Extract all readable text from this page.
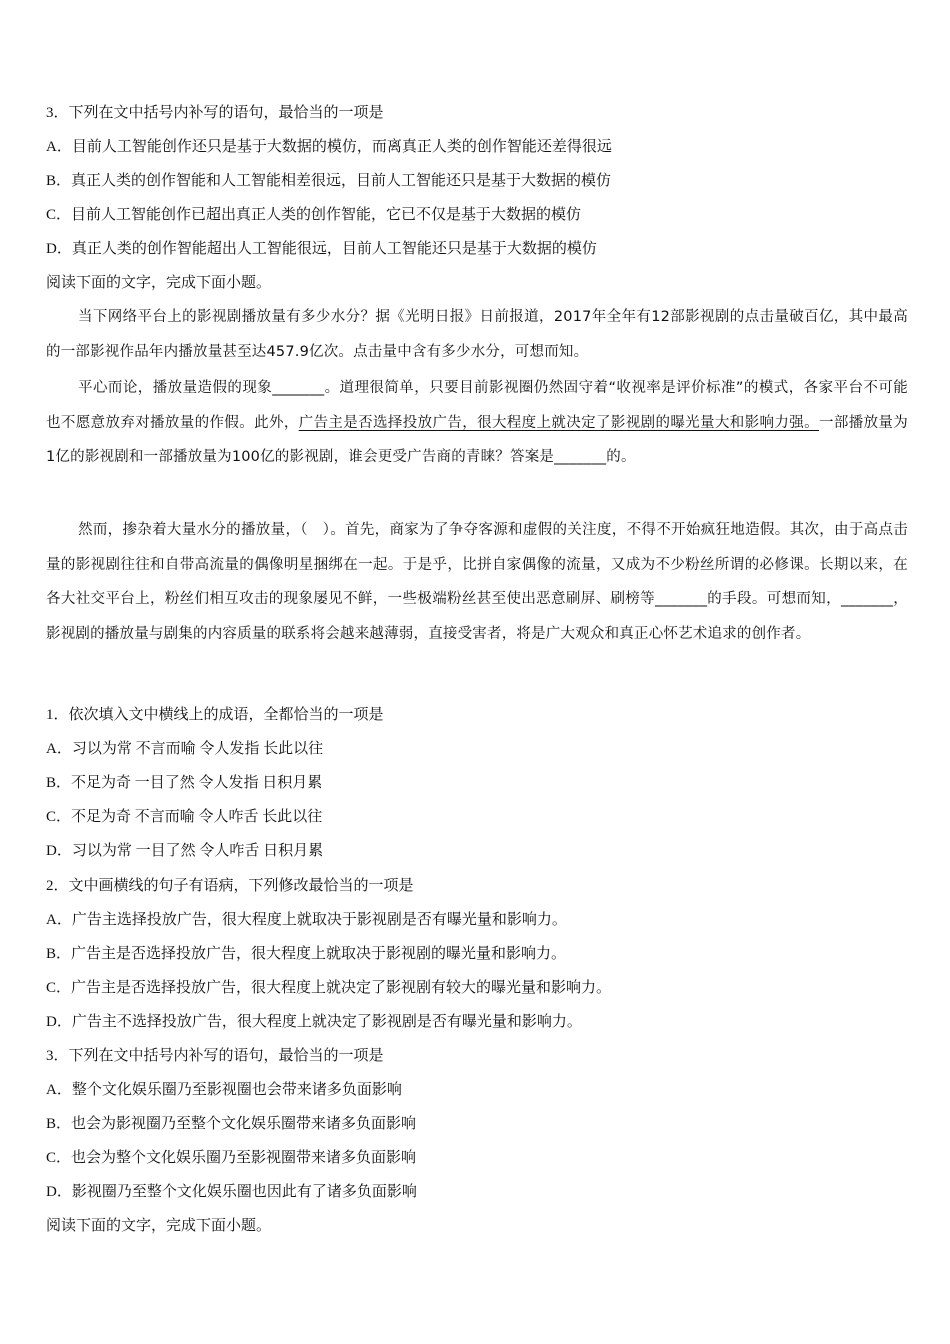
3．下列在文中括号内补写的语句，最恰当的一项是
A．目前人工智能创作还只是基于大数据的模仿，而离真正人类的创作智能还差得很远
B．真正人类的创作智能和人工智能相差很远，目前人工智能还只是基于大数据的模仿
C．目前人工智能创作已超出真正人类的创作智能，它已不仅是基于大数据的模仿
D．真正人类的创作智能超出人工智能很远，目前人工智能还只是基于大数据的模仿
阅读下面的文字，完成下面小题。
当下网络平台上的影视剧播放量有多少水分？据《光明日报》日前报道，2017年全年有12部影视剧的点击量破百亿，其中最高的一部影视作品年内播放量甚至达457.9亿次。点击量中含有多少水分，可想而知。
平心而论，播放量造假的现象_______。道理很简单，只要目前影视圈仍然固守着“收视率是评价标准”的模式，各家平台不可能也不愿意放弃对播放量的作假。此外，广告主是否选择投放广告，很大程度上就决定了影视剧的曝光量大和影响力强。一部播放量为1亿的影视剧和一部播放量为100亿的影视剧，谁会更受广告商的青睐？答案是_______的。
然而，掺杂着大量水分的播放量，（　）。首先，商家为了争夺客源和虚假的关注度，不得不开始疯狂地造假。其次，由于高点击量的影视剧往往和自带高流量的偶像明星捆绑在一起。于是乎，比拼自家偶像的流量，又成为不少粉丝所谓的必修课。长期以来，在各大社交平台上，粉丝们相互攻击的现象屡见不鲜，一些极端粉丝甚至使出恶意刷屏、刷榜等_______的手段。可想而知，_______，影视剧的播放量与剧集的内容质量的联系将会越来越薄弱，直接受害者，将是广大观众和真正心怀艺术追求的创作者。
1．依次填入文中横线上的成语，全都恰当的一项是
A．习以为常 不言而喻 令人发指 长此以往
B．不足为奇 一目了然 令人发指 日积月累
C．不足为奇 不言而喻 令人咋舌 长此以往
D．习以为常 一目了然 令人咋舌 日积月累
2．文中画横线的句子有语病，下列修改最恰当的一项是
A．广告主选择投放广告，很大程度上就取决于影视剧是否有曝光量和影响力。
B．广告主是否选择投放广告，很大程度上就取决于影视剧的曝光量和影响力。
C．广告主是否选择投放广告，很大程度上就决定了影视剧有较大的曝光量和影响力。
D．广告主不选择投放广告，很大程度上就决定了影视剧是否有曝光量和影响力。
3．下列在文中括号内补写的语句，最恰当的一项是
A．整个文化娱乐圈乃至影视圈也会带来诸多负面影响
B．也会为影视圈乃至整个文化娱乐圈带来诸多负面影响
C．也会为整个文化娱乐圈乃至影视圈带来诸多负面影响
D．影视圈乃至整个文化娱乐圈也因此有了诸多负面影响
阅读下面的文字，完成下面小题。
